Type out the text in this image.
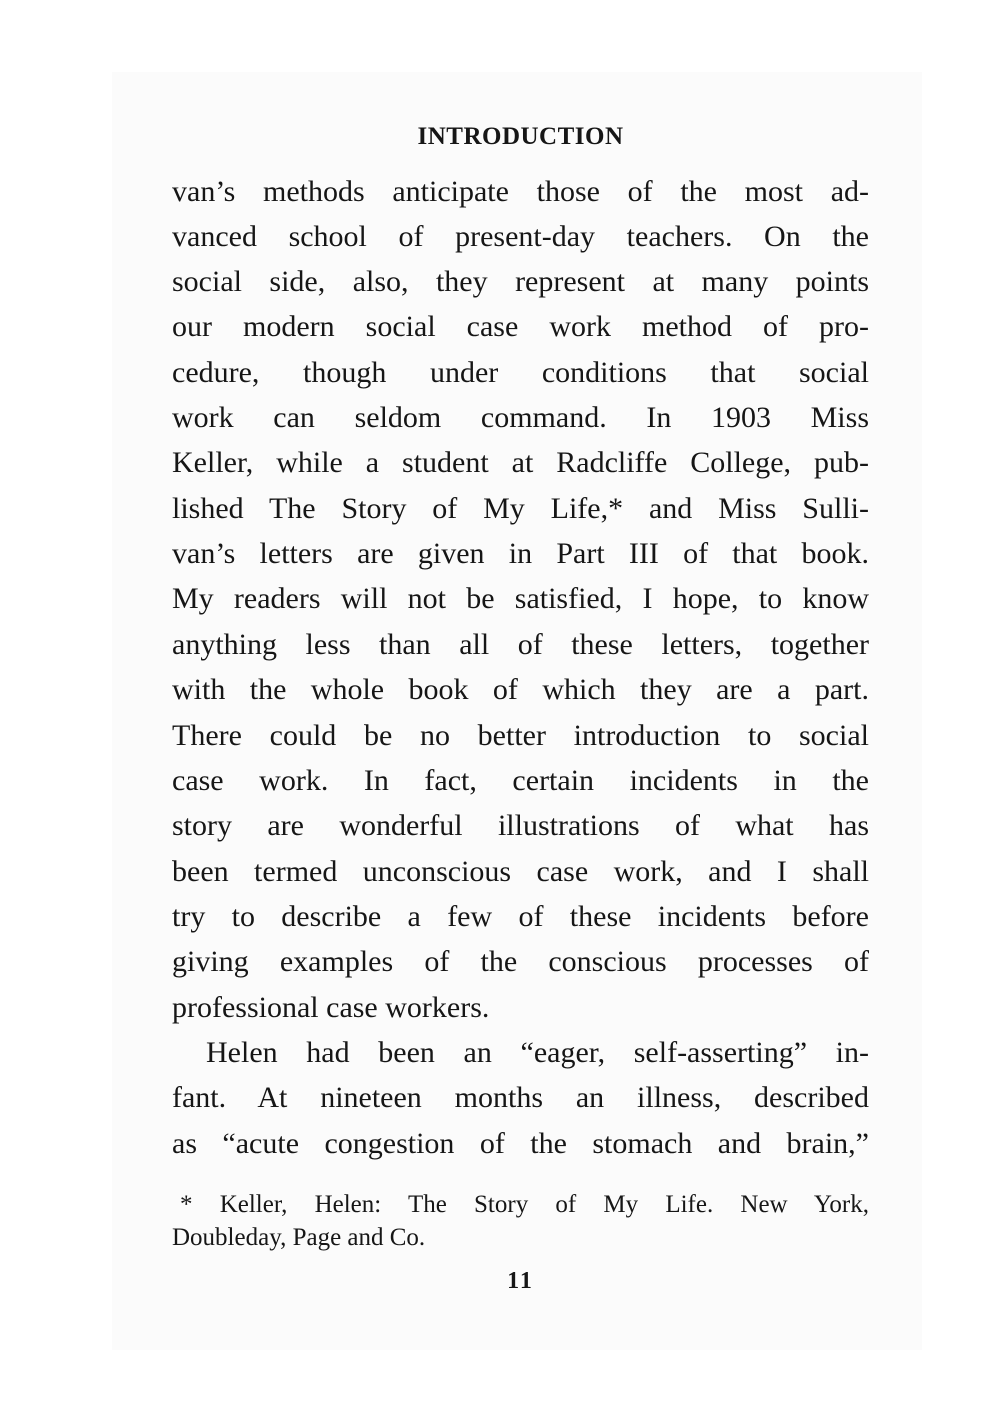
INTRODUCTION
van’s methods anticipate those of the most ad-
vanced school of present-day teachers. On the
social side, also, they represent at many points
our modern social case work method of pro-
cedure, though under conditions that social
work can seldom command. In 1903 Miss
Keller, while a student at Radcliffe College, pub-
lished The Story of My Life,* and Miss Sulli-
van’s letters are given in Part III of that book.
My readers will not be satisfied, I hope, to know
anything less than all of these letters, together
with the whole book of which they are a part.
There could be no better introduction to social
case work. In fact, certain incidents in the
story are wonderful illustrations of what has
been termed unconscious case work, and I shall
try to describe a few of these incidents before
giving examples of the conscious processes of
professional case workers.
Helen had been an “eager, self-asserting” in-
fant. At nineteen months an illness, described
as “acute congestion of the stomach and brain,”
* Keller, Helen: The Story of My Life. New York,
Doubleday, Page and Co.
11
